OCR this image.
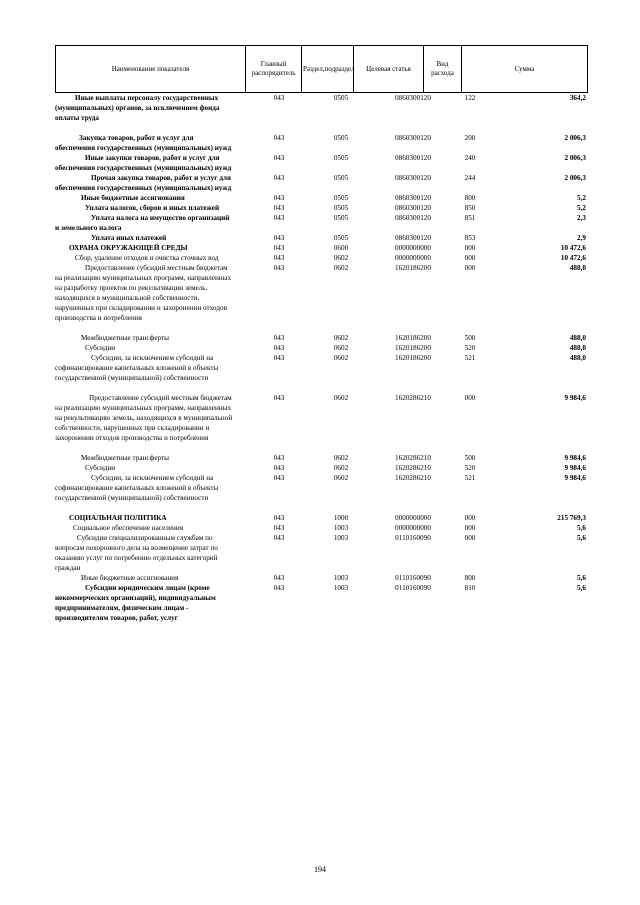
Наименование показателя	Главный распорядитель	Раздел,подраздел	Целевая статья	Вид расхода	Сумма
Иные выплаты персоналу государственных (муниципальных) органов, за исключением фонда оплаты труда
043	0505	0860300120	122	364,2
Закупка товаров, работ и услуг для обеспечения государственных (муниципальных) нужд
043	0505	0860300120	200	2 006,3
Иные закупки товаров, работ и услуг для обеспечения государственных (муниципальных) нужд
043	0505	0860300120	240	2 006,3
Прочая закупка товаров, работ и услуг для обеспечения государственных (муниципальных) нужд
043	0505	0860300120	244	2 006,3
Иные бюджетные ассигнования	043	0505	0860300120	800	5,2
Уплата налогов, сборов и иных платежей	043	0505	0860300120	850	5,2
Уплата налога на имущество организаций и земельного налога
043	0505	0860300120	851	2,3
Уплата иных платежей	043	0505	0860300120	853	2,9
ОХРАНА ОКРУЖАЮЩЕЙ СРЕДЫ	043	0600	0000000000	000	10 472,6
Сбор, удаление отходов и очистка сточных вод	043	0602	0000000000	000	10 472,6
Предоставление субсидий местным бюджетам на реализацию муниципальных программ, направленных на разработку проектов по рекультивации земель, находящихся в муниципальной собственности, нарушенных при складировании и захоронении отходов производства и потребления
043	0602	1620186200	000	488,0
Межбюджетные трансферты	043	0602	1620186200	500	488,0
Субсидии	043	0602	1620186200	520	488,0
Субсидии, за исключением субсидий на софинансирование капитальных вложений в объекты государственной (муниципальной) собственности
043	0602	1620186200	521	488,0
Предоставление субсидий местным бюджетам на реализацию муниципальных программ, направленных на рекультивацию земель, находящихся в муниципальной собственности, нарушенных при складировании и захоронении отходов производства и потребления
043	0602	1620286210	000	9 984,6
Межбюджетные трансферты	043	0602	1620286210	500	9 984,6
Субсидии	043	0602	1620286210	520	9 984,6
Субсидии, за исключением субсидий на софинансирование капитальных вложений в объекты государственной (муниципальной) собственности
043	0602	1620286210	521	9 984,6
СОЦИАЛЬНАЯ ПОЛИТИКА	043	1000	0000000000	000	215 769,3
Социальное обеспечение населения	043	1003	0000000000	000	5,6
Субсидии специализированным службам по вопросам похоронного дела на возмещение затрат по оказанию услуг по погребению отдельных категорий граждан
043	1003	0110160090	000	5,6
Иные бюджетные ассигнования	043	1003	0110160090	800	5,6
Субсидии юридическим лицам (кроме некоммерческих организаций), индивидуальным предпринимателям, физическим лицам - производителям товаров, работ, услуг
043	1003	0110160090	810	5,6
194
